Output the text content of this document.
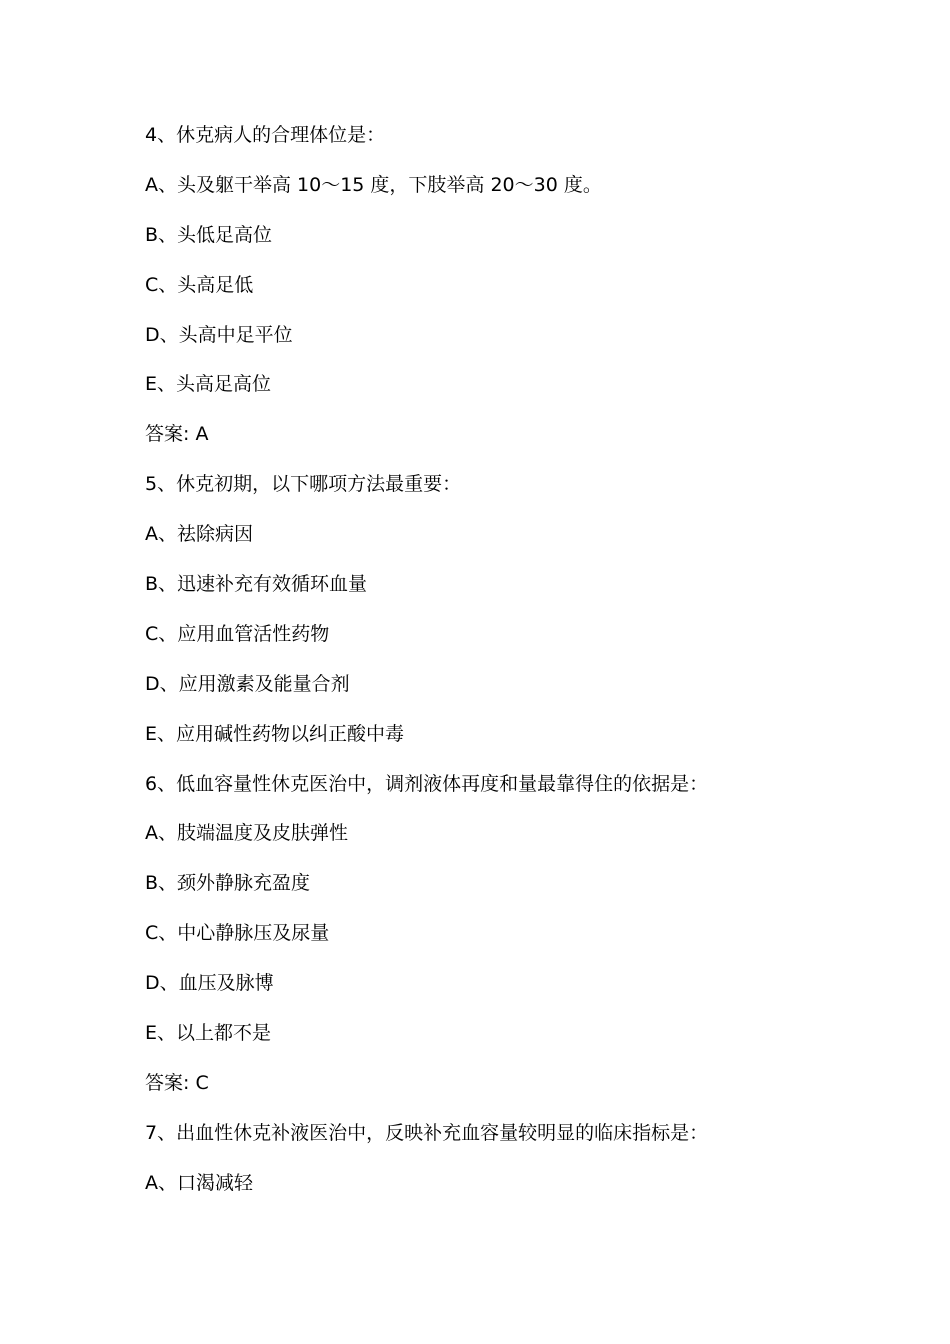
4、休克病人的合理体位是：
A、头及躯干举高 10～15 度，下肢举高 20～30 度。
B、头低足高位
C、头高足低
D、头高中足平位
E、头高足高位
答案: A
5、休克初期，以下哪项方法最重要：
A、祛除病因
B、迅速补充有效循环血量
C、应用血管活性药物
D、应用激素及能量合剂
E、应用碱性药物以纠正酸中毒
6、低血容量性休克医治中，调剂液体再度和量最靠得住的依据是：
A、肢端温度及皮肤弹性
B、颈外静脉充盈度
C、中心静脉压及尿量
D、血压及脉博
E、以上都不是
答案: C
7、出血性休克补液医治中，反映补充血容量较明显的临床指标是：
A、口渴减轻
